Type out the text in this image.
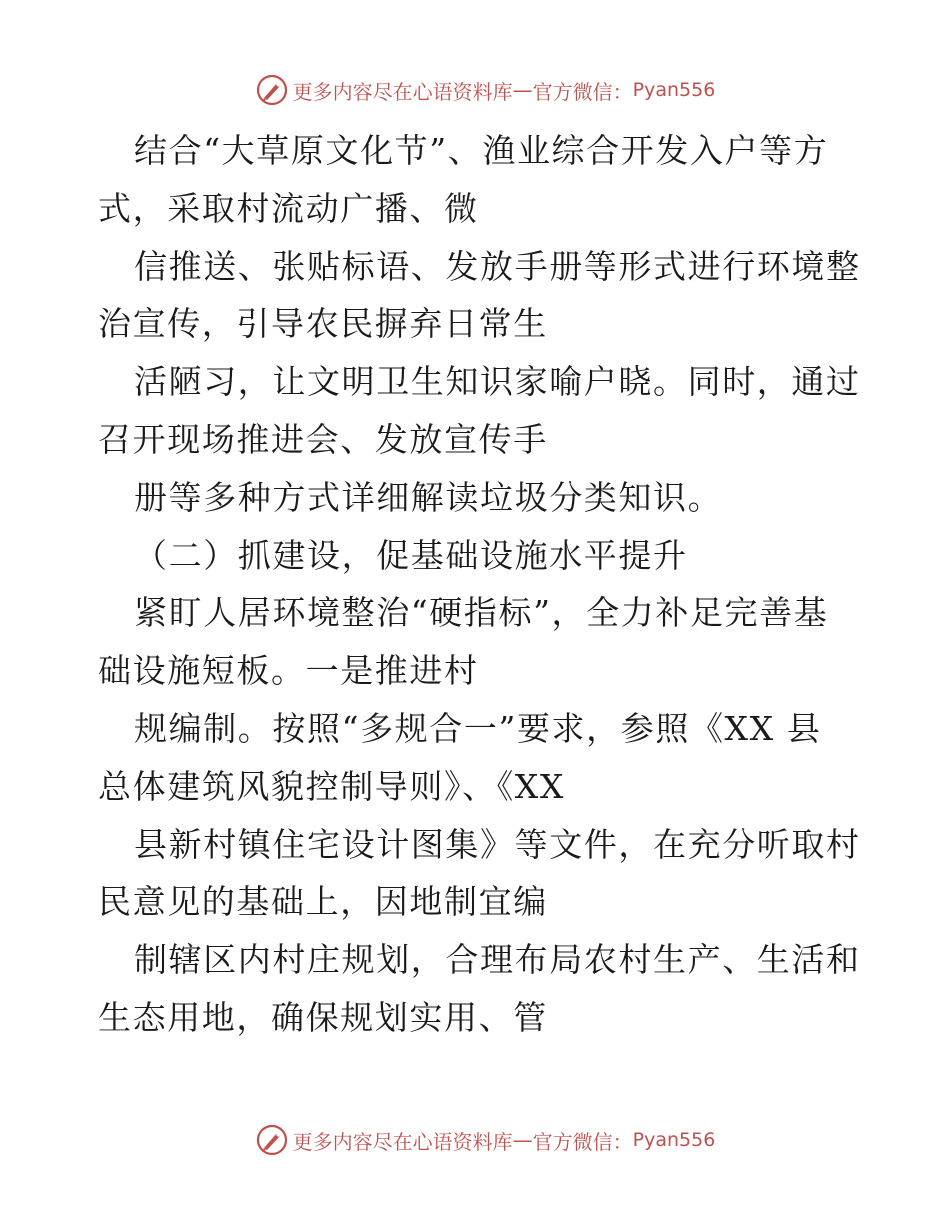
更多内容尽在心语资料库 — 官方微信： Pyan556
结合“大草原文化节”、渔业综合开发入户等方
式，采取村流动广播、微
信推送、张贴标语、发放手册等形式进行环境整
治宣传，引导农民摒弃日常生
活陋习，让文明卫生知识家喻户晓。同时，通过
召开现场推进会、发放宣传手
册等多种方式详细解读垃圾分类知识。
（二）抓建设，促基础设施水平提升
紧盯人居环境整治“硬指标”，全力补足完善基
础设施短板。一是推进村
规编制。按照“多规合一”要求，参照《XX 县
总体建筑风貌控制导则》、《XX
县新村镇住宅设计图集》等文件，在充分听取村
民意见的基础上，因地制宜编
制辖区内村庄规划，合理布局农村生产、生活和
生态用地，确保规划实用、管
更多内容尽在心语资料库 — 官方微信： Pyan556
